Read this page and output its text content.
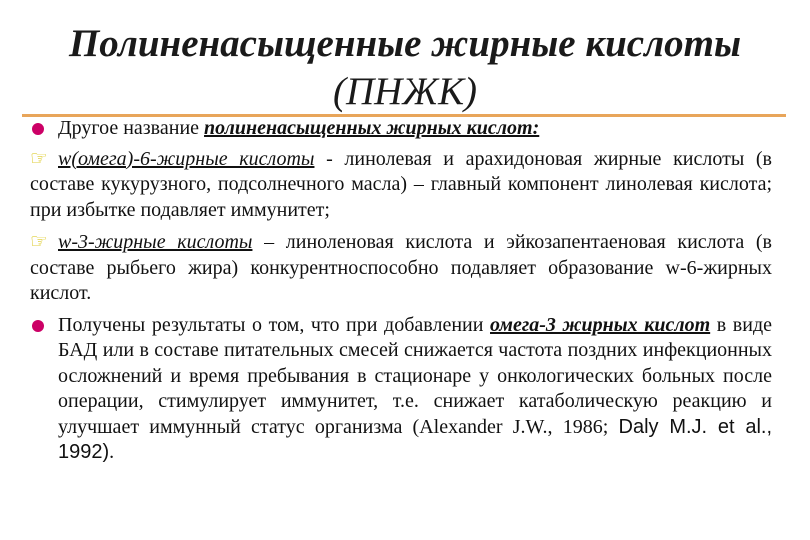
Полиненасыщенные жирные кислоты
(ПНЖК)

Другое название полиненасыщенных жирных кислот:

☞ w(омега)-6-жирные кислоты - линолевая и арахидоновая жирные кислоты (в составе кукурузного, подсолнечного масла) – главный компонент линолевая кислота; при избытке подавляет иммунитет;

☞ w-3-жирные кислоты – линоленовая кислота и эйкозапентаеновая кислота (в составе рыбьего жира) конкурентноспособно подавляет образование w-6-жирных кислот.

Получены результаты о том, что при добавлении омега-3 жирных кислот в виде БАД или в составе питательных смесей снижается частота поздних инфекционных осложнений и время пребывания в стационаре у онкологических больных после операции, стимулирует иммунитет, т.е. снижает катаболическую реакцию и улучшает иммунный статус организма (Alexander J.W., 1986; Daly M.J. et al., 1992).
